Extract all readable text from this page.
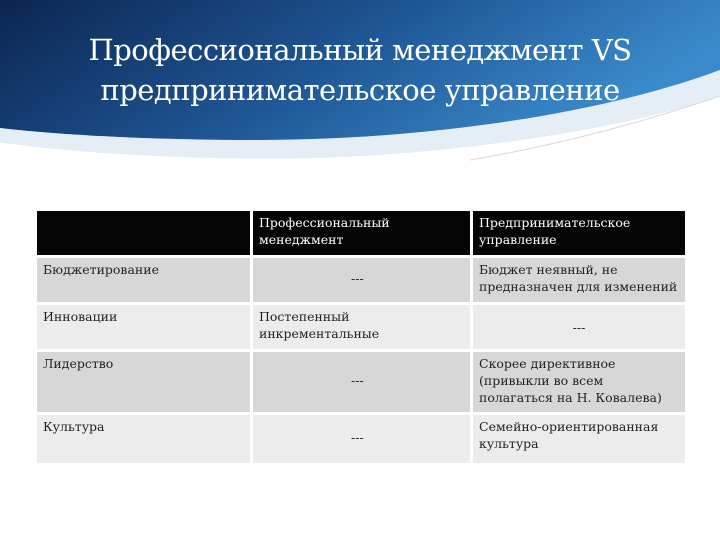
Профессиональный менеджмент VS
предпринимательское управление
Профессиональный менеджмент
Предпринимательское управление
Бюджетирование
---
Бюджет неявный, не предназначен для изменений
Инновации	Постепенный инкрементальные	---
Лидерство
---
Скорее директивное (привыкли во всем полагаться на Н. Ковалева)
Культура
---
Семейно-ориентированная культура
